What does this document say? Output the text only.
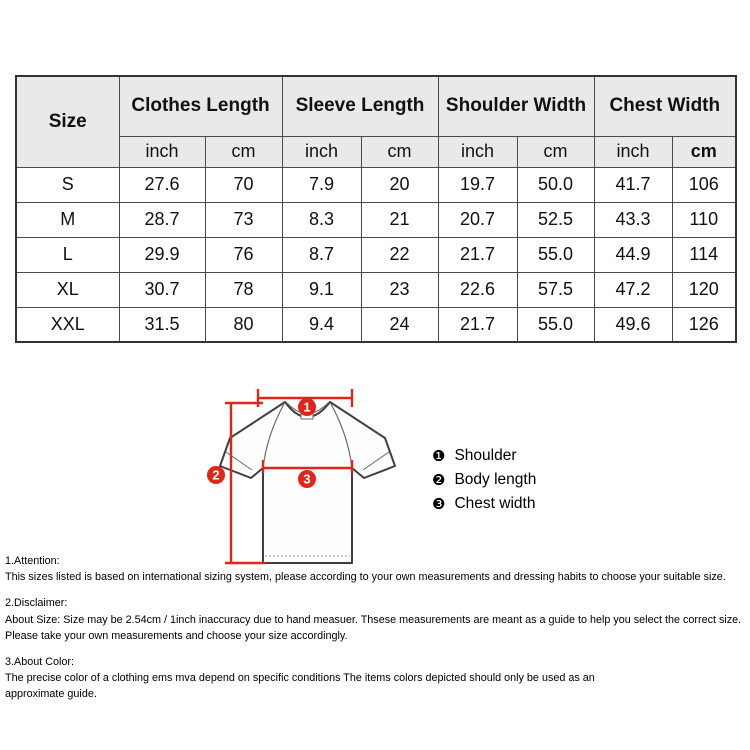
Size	Clothes Length		Sleeve Length		Shoulder Width		Chest Width	
	inch	cm	inch	cm	inch	cm	inch	cm
S	27.6	70	7.9	20	19.7	50.0	41.7	106
M	28.7	73	8.3	21	20.7	52.5	43.3	110
L	29.9	76	8.7	22	21.7	55.0	44.9	114
XL	30.7	78	9.1	23	22.6	57.5	47.2	120
XXL	31.5	80	9.4	24	21.7	55.0	49.6	126
1
2	3
❶ Shoulder
❷ Body length
❸ Chest width
1.Attention:
This sizes listed is based on international sizing system, please according to your own measurements and dressing habits to choose your suitable size.
2.Disclaimer:
About Size: Size may be 2.54cm / 1inch inaccuracy due to hand measuer. Thsese measurements are meant as a guide to help you select the correct size. Please take your own measurements and choose your size accordingly.
3.About Color:
The precise color of a clothing ems mva depend on specific conditions The items colors depicted should only be used as an approximate guide.
